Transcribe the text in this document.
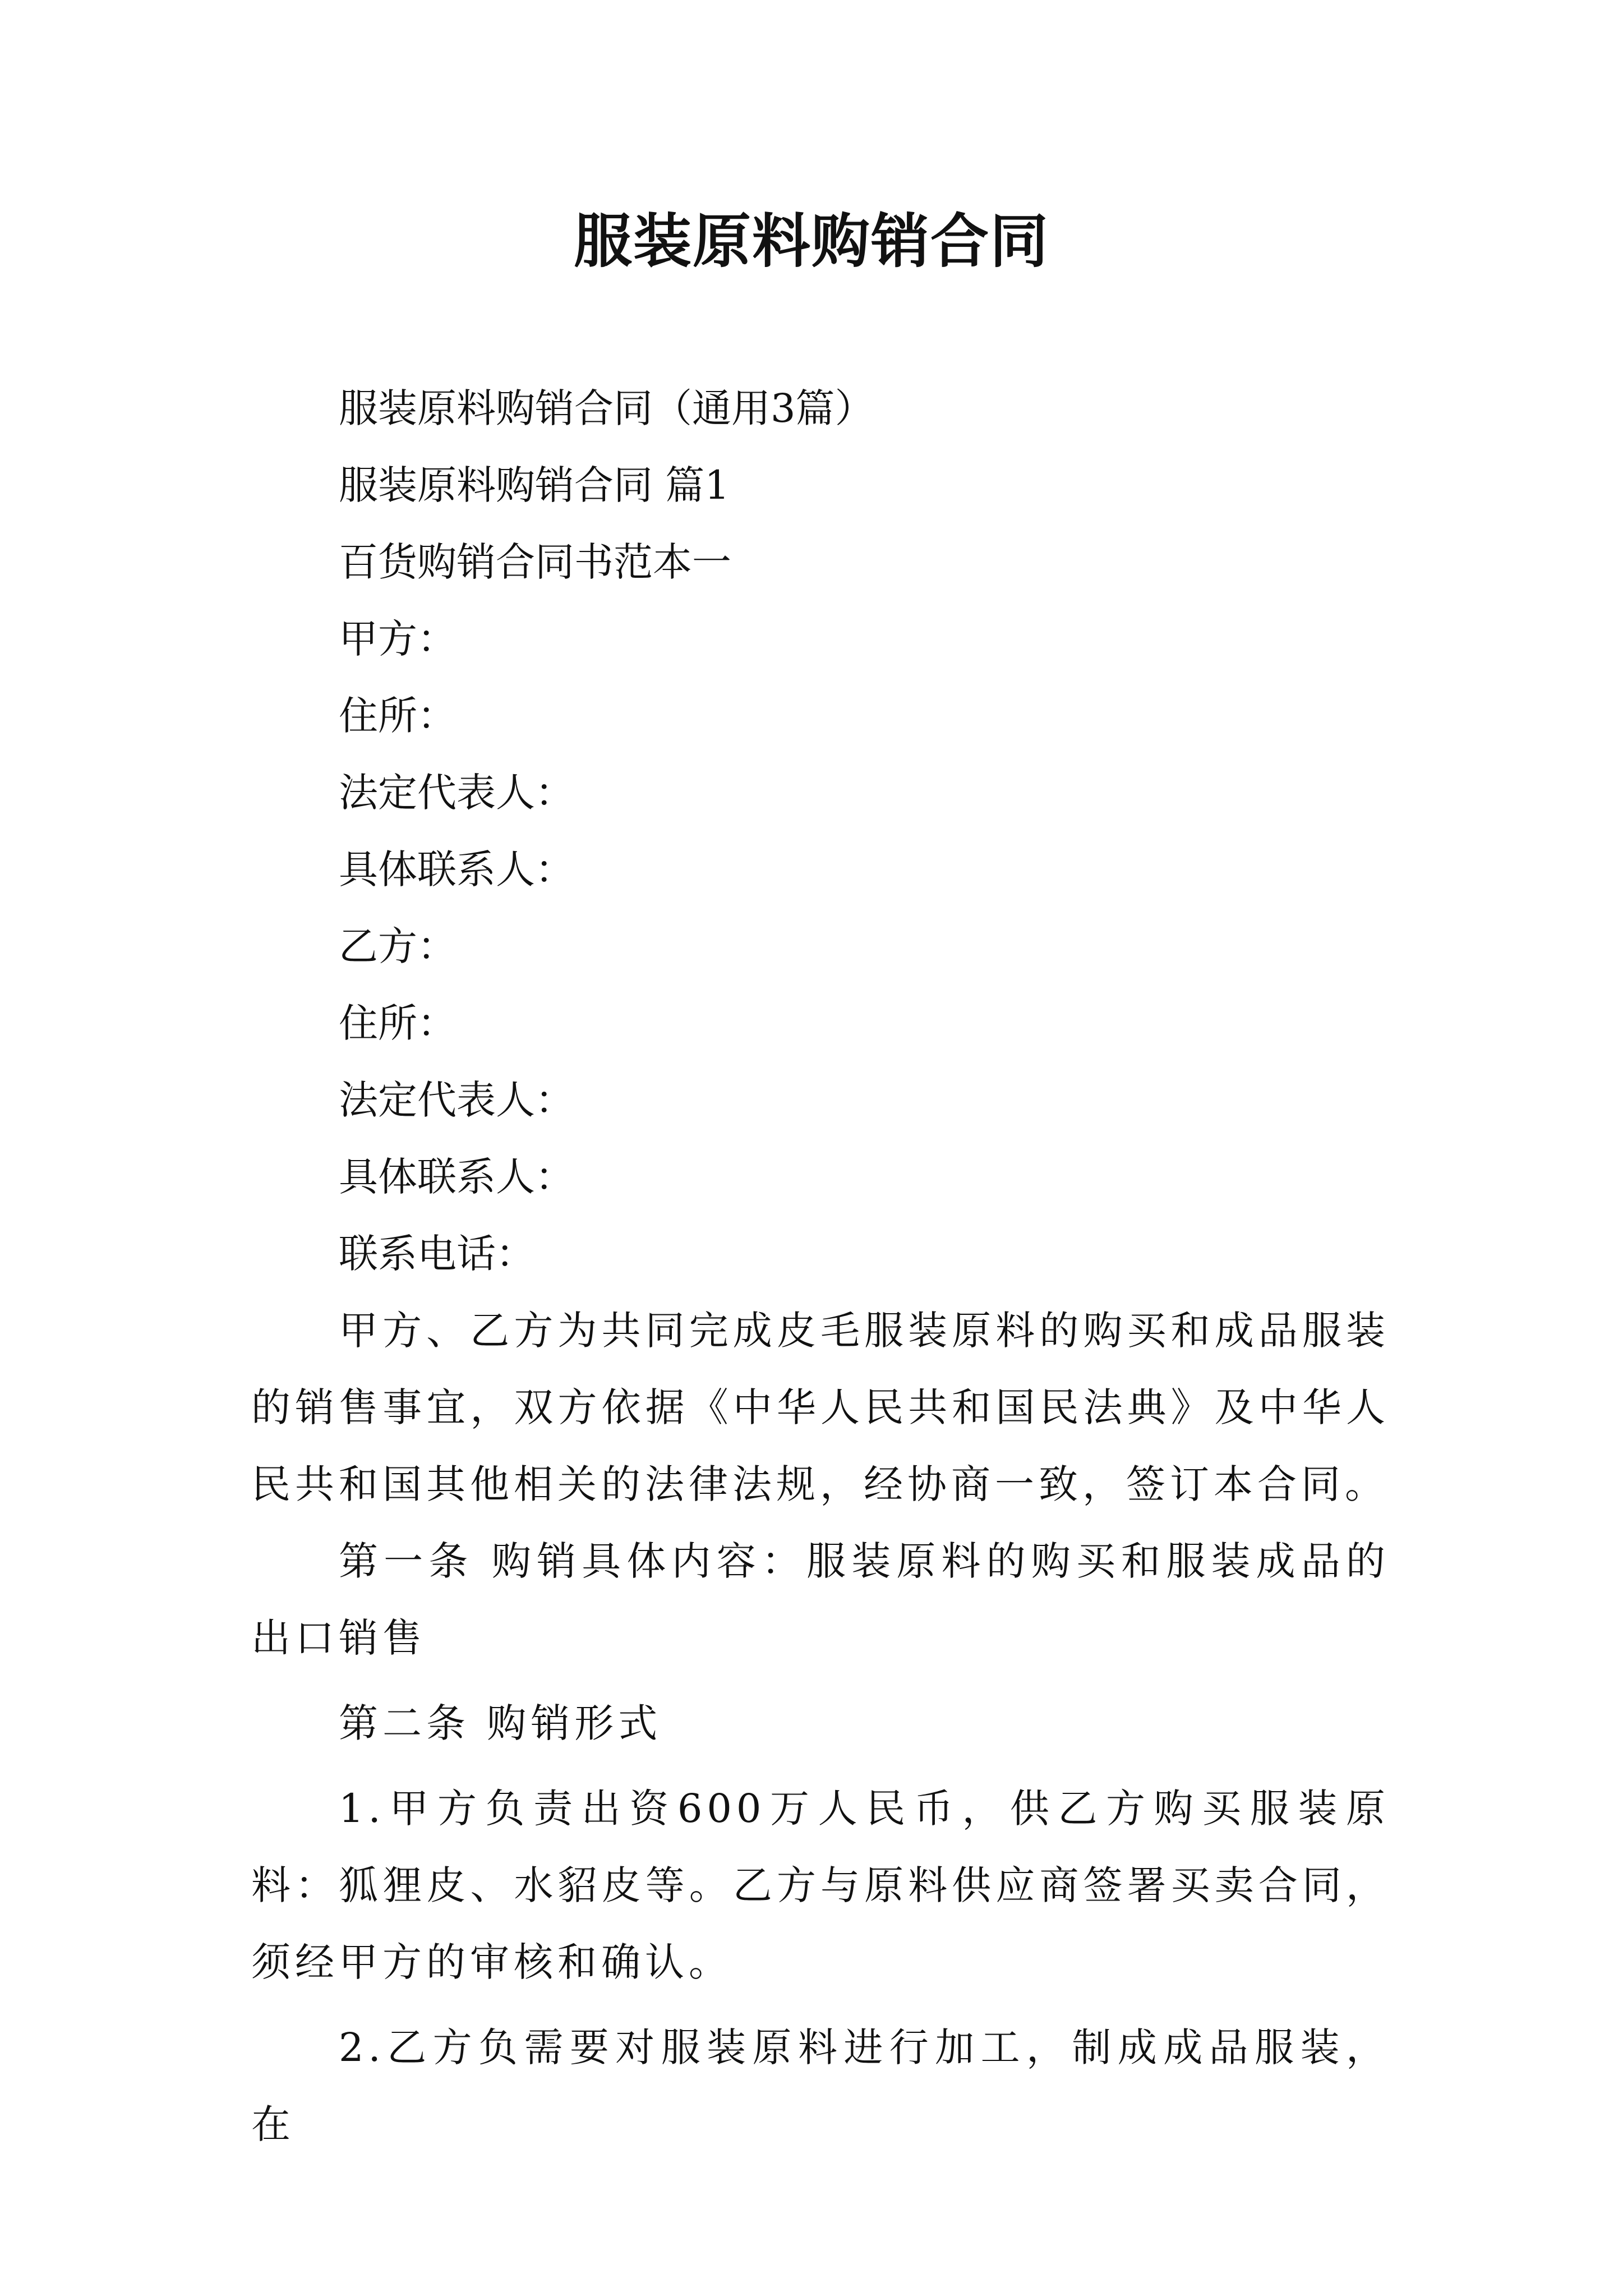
服装原料购销合同
服装原料购销合同（通用3篇）
服装原料购销合同 篇1
百货购销合同书范本一
甲方：
住所：
法定代表人：
具体联系人：
乙方：
住所：
法定代表人：
具体联系人：
联系电话：
甲方、乙方为共同完成皮毛服装原料的购买和成品服装的销售事宜，双方依据《中华人民共和国民法典》及中华人民共和国其他相关的法律法规，经协商一致，签订本合同。
第一条 购销具体内容：服装原料的购买和服装成品的出口销售
第二条 购销形式
1.甲方负责出资600万人民币，供乙方购买服装原料：狐狸皮、水貂皮等。乙方与原料供应商签署买卖合同，须经甲方的审核和确认。
2.乙方负需要对服装原料进行加工，制成成品服装，在
